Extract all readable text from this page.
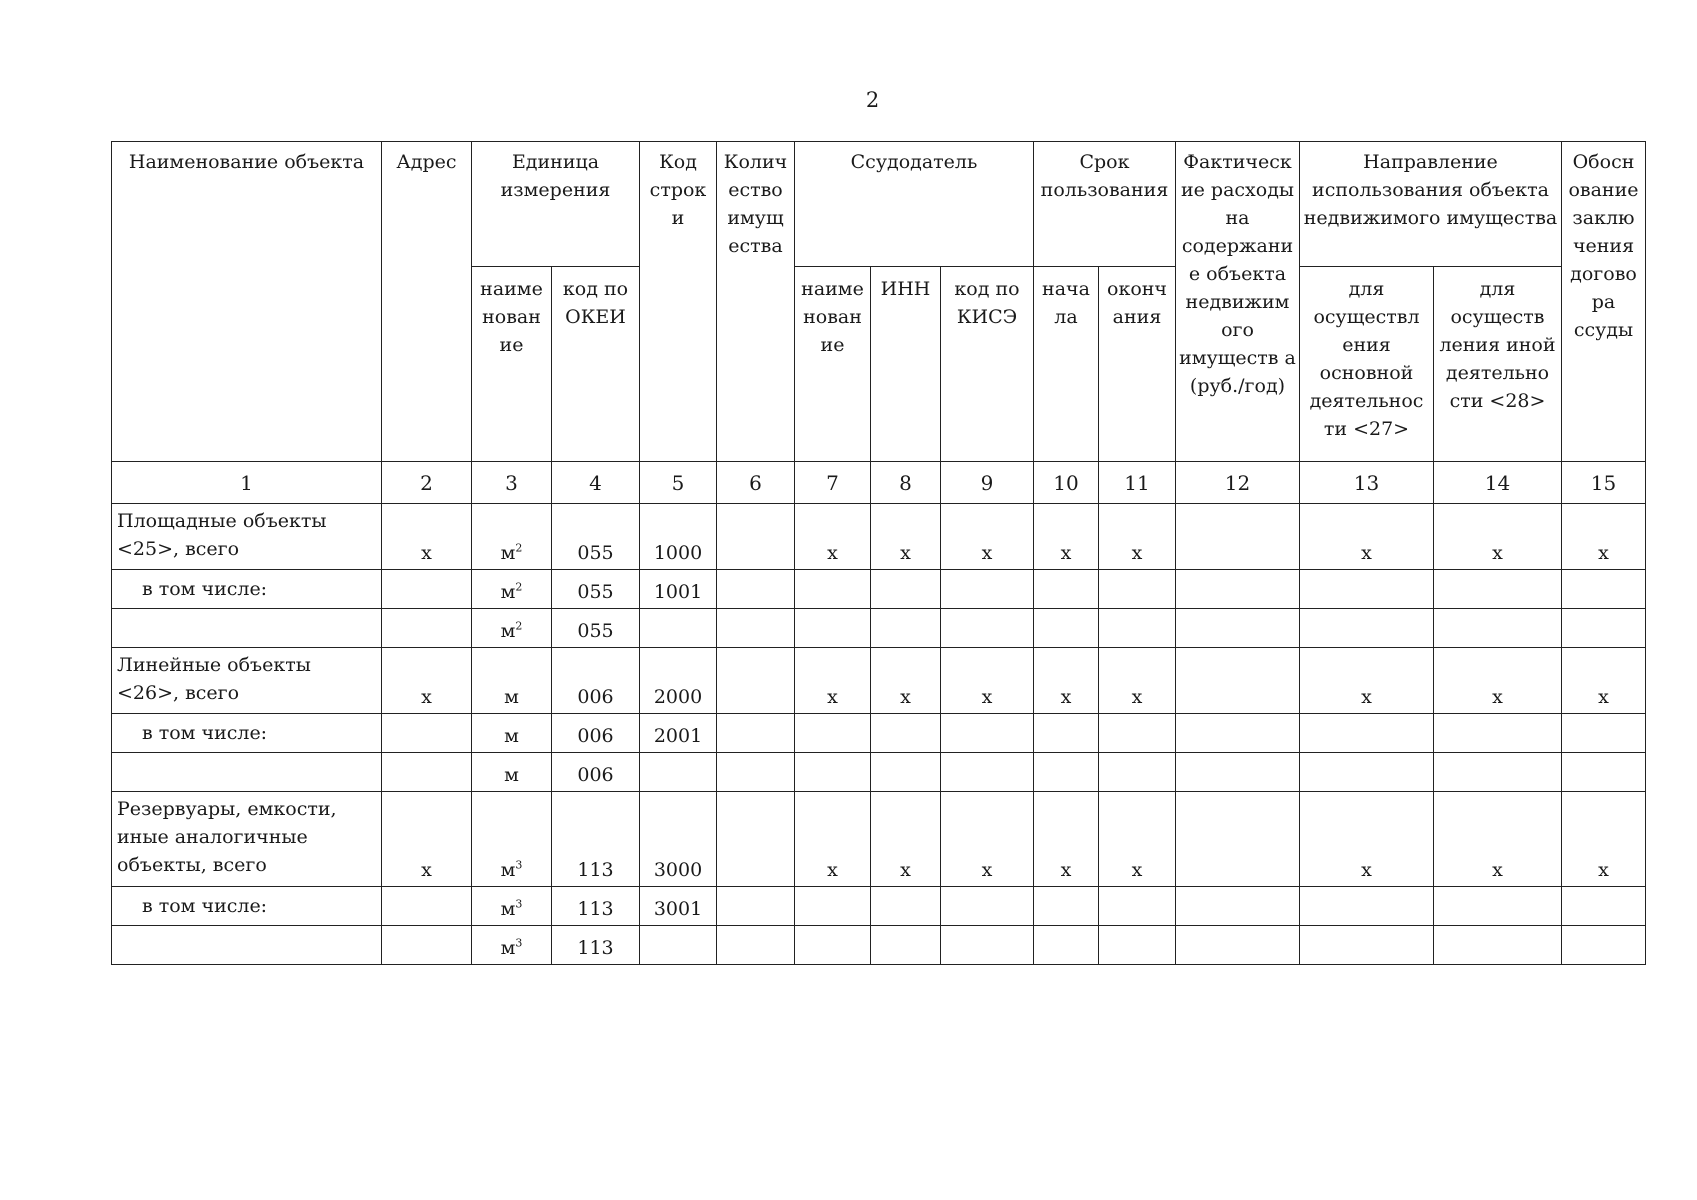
2
Наименование объекта	Адрес	Единица измерения		Код строк и	Колич ество имущ ества	Ссудодатель			Срок пользования		Фактическ ие расходы на содержани е объекта недвижим ого имуществ а (руб./год)	Направление использования объекта недвижимого имущества		Обосн ование заклю чения догово ра ссуды
		наиме нован ие	код по ОКЕИ			наиме нован ие	ИНН	код по КИСЭ	нача ла	оконч ания		для осуществл ения основной деятельнос ти <27>	для осуществ ления иной деятельно сти <28>	
1	2	3	4	5	6	7	8	9	10	11	12	13	14	15
Площадные объекты <25>, всего	x	$м^2$	055	1000		x	x	x	x	x		x	x	x
в том числе:		$м^2$	055	1001										
		$м^2$	055											
Линейные объекты <26>, всего	x	м	006	2000		x	x	x	x	x		x	x	x
в том числе:		м	006	2001										
		м	006											
Резервуары, емкости, иные аналогичные объекты, всего	x	$м^3$	113	3000		x	x	x	x	x		x	x	x
в том числе:		$м^3$	113	3001										
		$м^3$	113											
